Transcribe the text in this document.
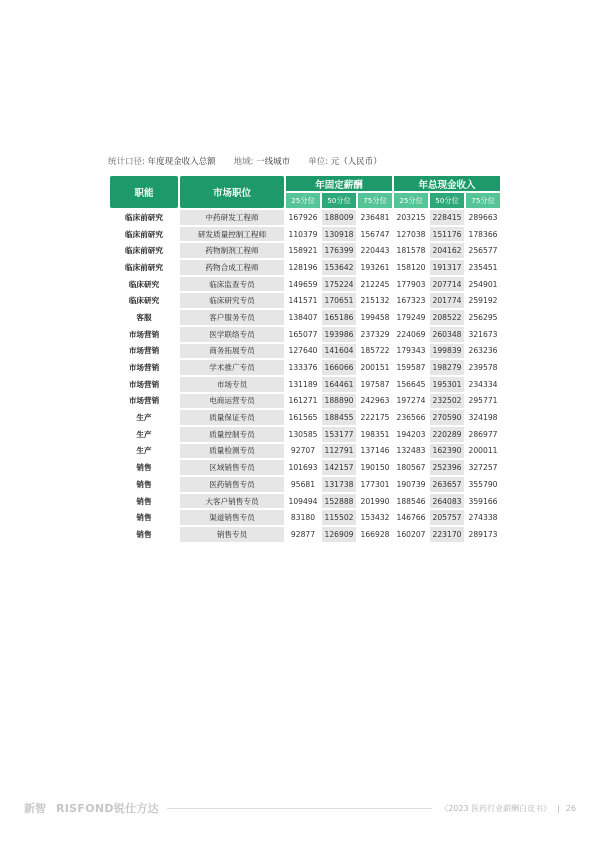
统计口径: 年度现金收入总额 地域: 一线城市 单位: 元（人民币）
职能	市场职位	年固定薪酬			年总现金收入		
		25分位	50分位	75分位	25分位	50分位	75分位
临床前研究	中药研发工程师	167926	188009	236481	203215	228415	289663
临床前研究	研发质量控制工程师	110379	130918	156747	127038	151176	178366
临床前研究	药物制剂工程师	158921	176399	220443	181578	204162	256577
临床前研究	药物合成工程师	128196	153642	193261	158120	191317	235451
临床研究	临床监查专员	149659	175224	212245	177903	207714	254901
临床研究	临床研究专员	141571	170651	215132	167323	201774	259192
客服	客户服务专员	138407	165186	199458	179249	208522	256295
市场营销	医学联络专员	165077	193986	237329	224069	260348	321673
市场营销	商务拓展专员	127640	141604	185722	179343	199839	263236
市场营销	学术推广专员	133376	166066	200151	159587	198279	239578
市场营销	市场专员	131189	164461	197587	156645	195301	234334
市场营销	电商运营专员	161271	188890	242963	197274	232502	295771
生产	质量保证专员	161565	188455	222175	236566	270590	324198
生产	质量控制专员	130585	153177	198351	194203	220289	286977
生产	质量检测专员	92707	112791	137146	132483	162390	200011
销售	区域销售专员	101693	142157	190150	180567	252396	327257
销售	医药销售专员	95681	131738	177301	190739	263657	355790
销售	大客户销售专员	109494	152888	201990	188546	264083	359166
销售	渠道销售专员	83180	115502	153432	146766	205757	274338
销售	销售专员	92877	126909	166928	160207	223170	289173
新智 RISFOND锐仕方达	《2023 医药行业薪酬白皮书》 | 26
